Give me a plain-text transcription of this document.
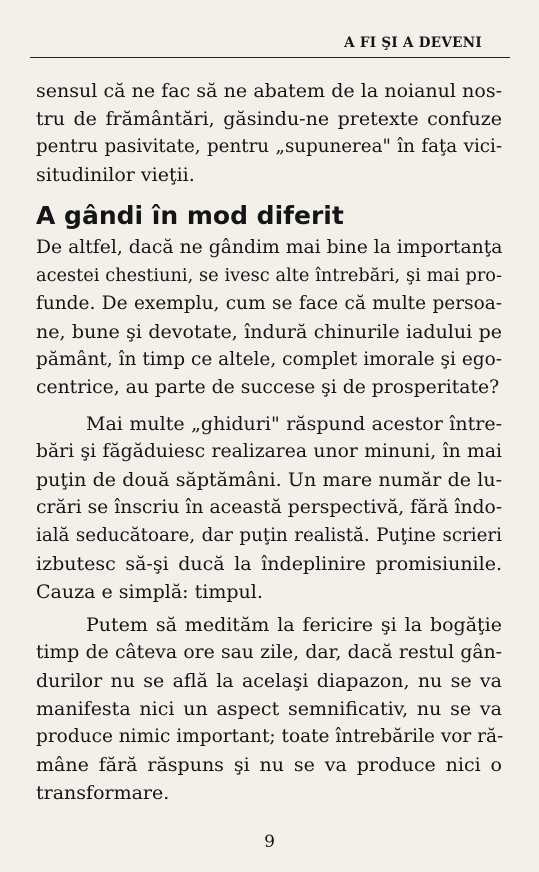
A FI ŞI A DEVENI
sensul că ne fac să ne abatem de la noianul nos-
tru de frământări, găsindu-ne pretexte confuze
pentru pasivitate, pentru „supunerea" în faţa vici-
situdinilor vieţii.
A gândi în mod diferit
De altfel, dacă ne gândim mai bine la importanţa
acestei chestiuni, se ivesc alte întrebări, şi mai pro-
funde. De exemplu, cum se face că multe persoa-
ne, bune şi devotate, îndură chinurile iadului pe
pământ, în timp ce altele, complet imorale şi ego-
centrice, au parte de succese şi de prosperitate?
Mai multe „ghiduri" răspund acestor între-
bări şi făgăduiesc realizarea unor minuni, în mai
puţin de două săptămâni. Un mare număr de lu-
crări se înscriu în această perspectivă, fără îndo-
ială seducătoare, dar puţin realistă. Puţine scrieri
izbutesc să-şi ducă la îndeplinire promisiunile.
Cauza e simplă: timpul.
Putem să medităm la fericire şi la bogăţie
timp de câteva ore sau zile, dar, dacă restul gân-
durilor nu se află la acelaşi diapazon, nu se va
manifesta nici un aspect semnificativ, nu se va
produce nimic important; toate întrebările vor ră-
mâne fără răspuns şi nu se va produce nici o
transformare.
9
